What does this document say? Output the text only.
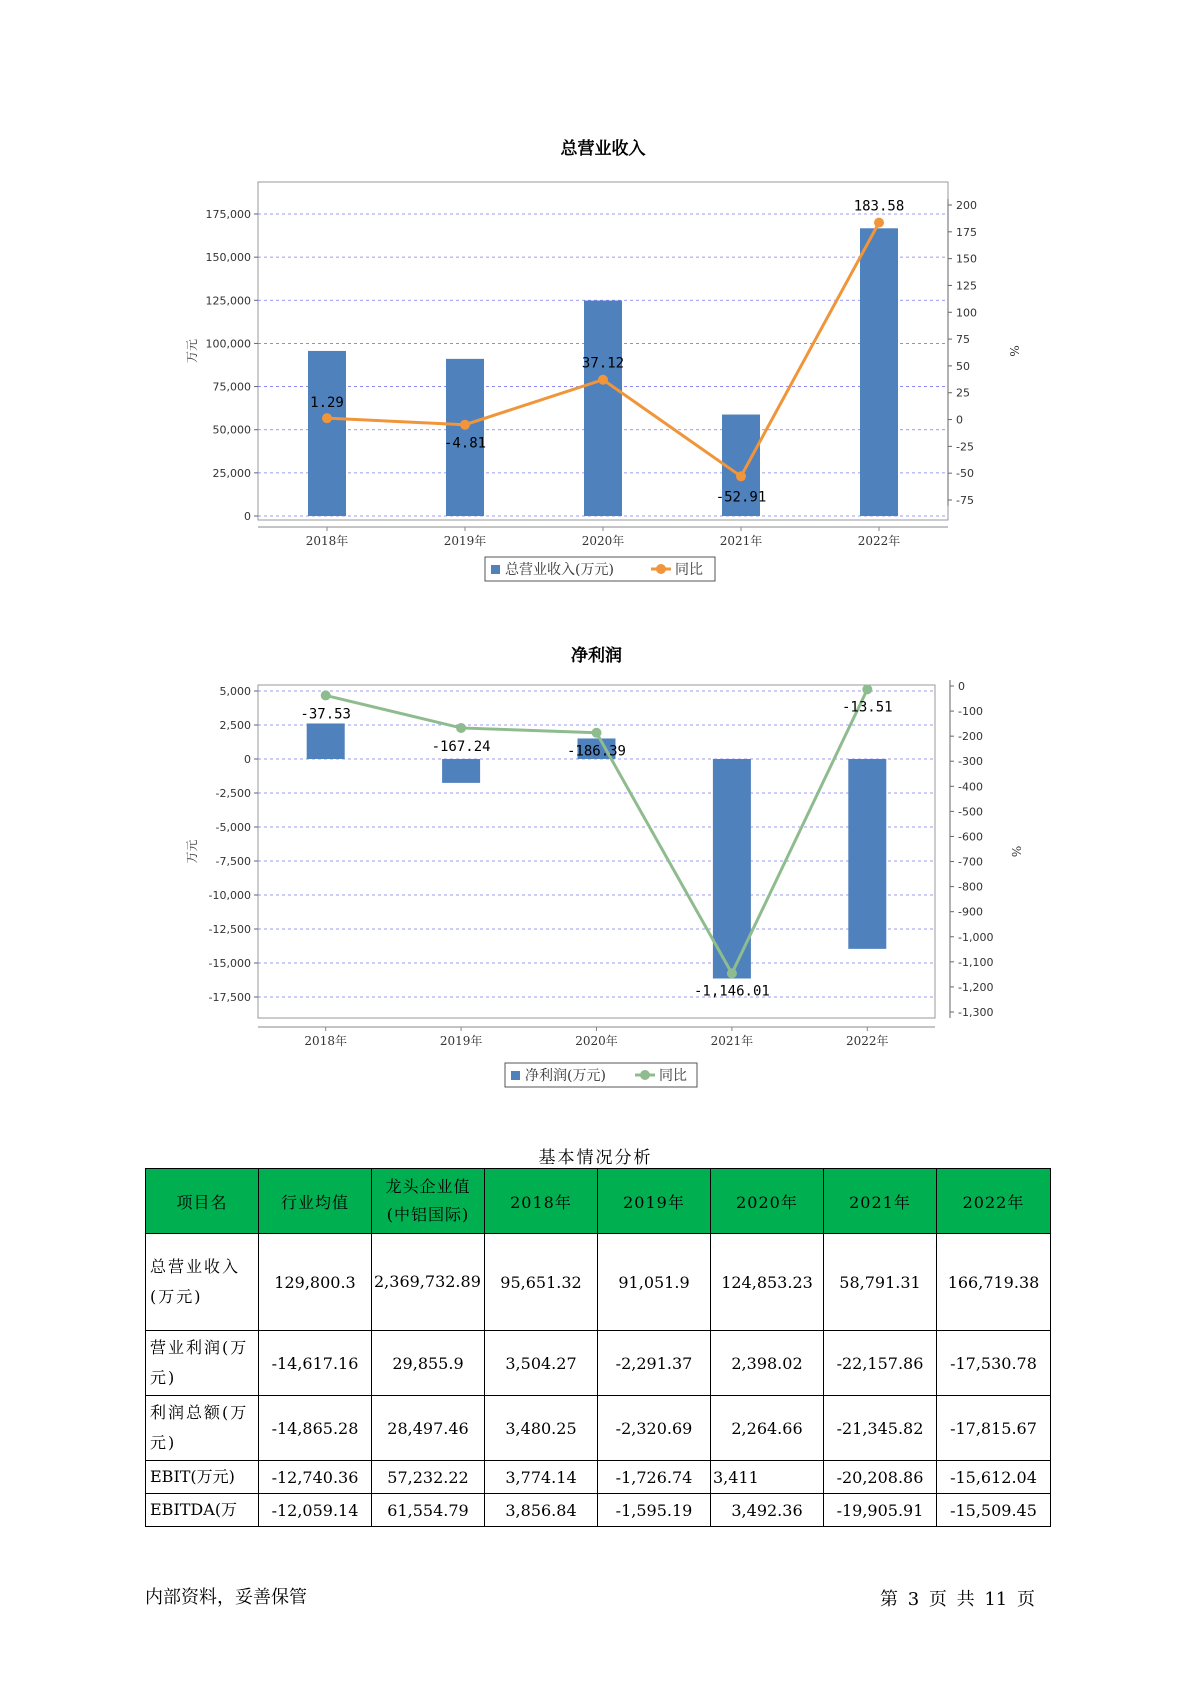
总营业收入
0
25,000
50,000
75,000
100,000
125,000
150,000
175,000
-75
-50
-25
0
25
50
75
100
125
150
175
200
万元	%
2018年	2019年	2020年	2021年	2022年
1.29
-4.81
37.12
-52.91
183.58
总营业收入(万元)	同比
净利润
-17,500
-15,000
-12,500
-10,000
-7,500
-5,000
-2,500
0
2,500
5,000
-1,300
-1,200
-1,100
-1,000
-900
-800
-700
-600
-500
-400
-300
-200
-100
0
万元	%
2018年	2019年	2020年	2021年	2022年
-37.53
-167.24	-186.39
-1,146.01
-13.51
净利润(万元)	同比
基本情况分析
项目名	行业均值	龙头企业值(中铝国际)	2018年	2019年	2020年	2021年	2022年
总营业收入(万元)	129,800.3	2,369,732.89	95,651.32	91,051.9	124,853.23	58,791.31	166,719.38
营业利润(万元)	-14,617.16	29,855.9	3,504.27	-2,291.37	2,398.02	-22,157.86	-17,530.78
利润总额(万元)	-14,865.28	28,497.46	3,480.25	-2,320.69	2,264.66	-21,345.82	-17,815.67
EBIT(万元)	-12,740.36	57,232.22	3,774.14	-1,726.74	3,411	-20,208.86	-15,612.04
EBITDA(万	-12,059.14	61,554.79	3,856.84	-1,595.19	3,492.36	-19,905.91	-15,509.45
内部资料，妥善保管	第 3 页 共 11 页
